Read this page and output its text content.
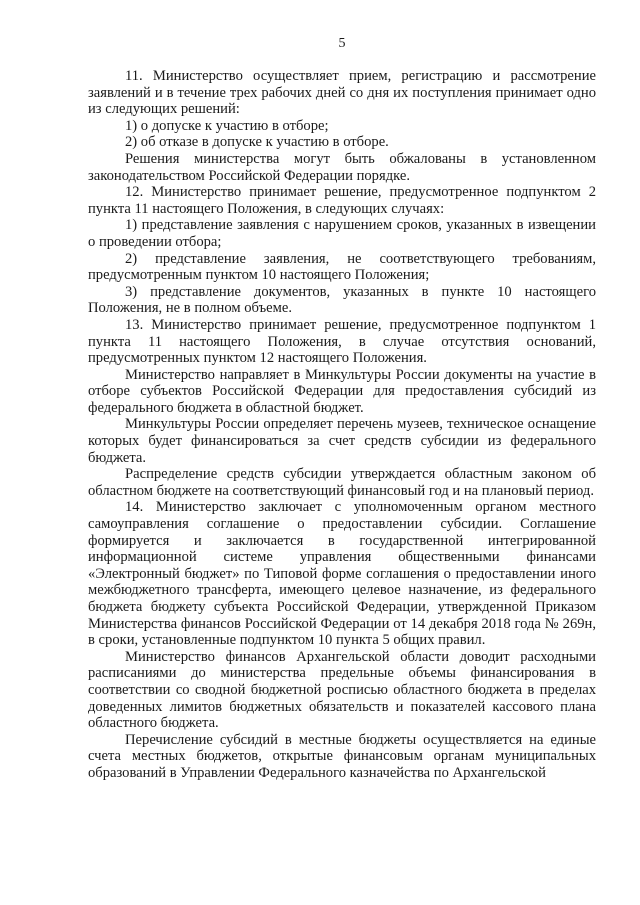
5

11. Министерство осуществляет прием, регистрацию и рассмотрение заявлений и в течение трех рабочих дней со дня их поступления принимает одно из следующих решений:

1) о допуске к участию в отборе;

2) об отказе в допуске к участию в отборе.

Решения министерства могут быть обжалованы в установленном законодательством Российской Федерации порядке.

12. Министерство принимает решение, предусмотренное подпунктом 2 пункта 11 настоящего Положения, в следующих случаях:

1) представление заявления с нарушением сроков, указанных в извещении о проведении отбора;

2) представление заявления, не соответствующего требованиям, предусмотренным пунктом 10 настоящего Положения;

3) представление документов, указанных в пункте 10 настоящего Положения, не в полном объеме.

13. Министерство принимает решение, предусмотренное подпунктом 1 пункта 11 настоящего Положения, в случае отсутствия оснований, предусмотренных пунктом 12 настоящего Положения.

Министерство направляет в Минкультуры России документы на участие в отборе субъектов Российской Федерации для предоставления субсидий из федерального бюджета в областной бюджет.

Минкультуры России определяет перечень музеев, техническое оснащение которых будет финансироваться за счет средств субсидии из федерального бюджета.

Распределение средств субсидии утверждается областным законом об областном бюджете на соответствующий финансовый год и на плановый период.

14. Министерство заключает с уполномоченным органом местного самоуправления соглашение о предоставлении субсидии. Соглашение формируется и заключается в государственной интегрированной информационной системе управления общественными финансами «Электронный бюджет» по Типовой форме соглашения о предоставлении иного межбюджетного трансферта, имеющего целевое назначение, из федерального бюджета бюджету субъекта Российской Федерации, утвержденной Приказом Министерства финансов Российской Федерации от 14 декабря 2018 года № 269н, в сроки, установленные подпунктом 10 пункта 5 общих правил.

Министерство финансов Архангельской области доводит расходными расписаниями до министерства предельные объемы финансирования в соответствии со сводной бюджетной росписью областного бюджета в пределах доведенных лимитов бюджетных обязательств и показателей кассового плана областного бюджета.

Перечисление субсидий в местные бюджеты осуществляется на единые счета местных бюджетов, открытые финансовым органам муниципальных образований в Управлении Федерального казначейства по Архангельской
